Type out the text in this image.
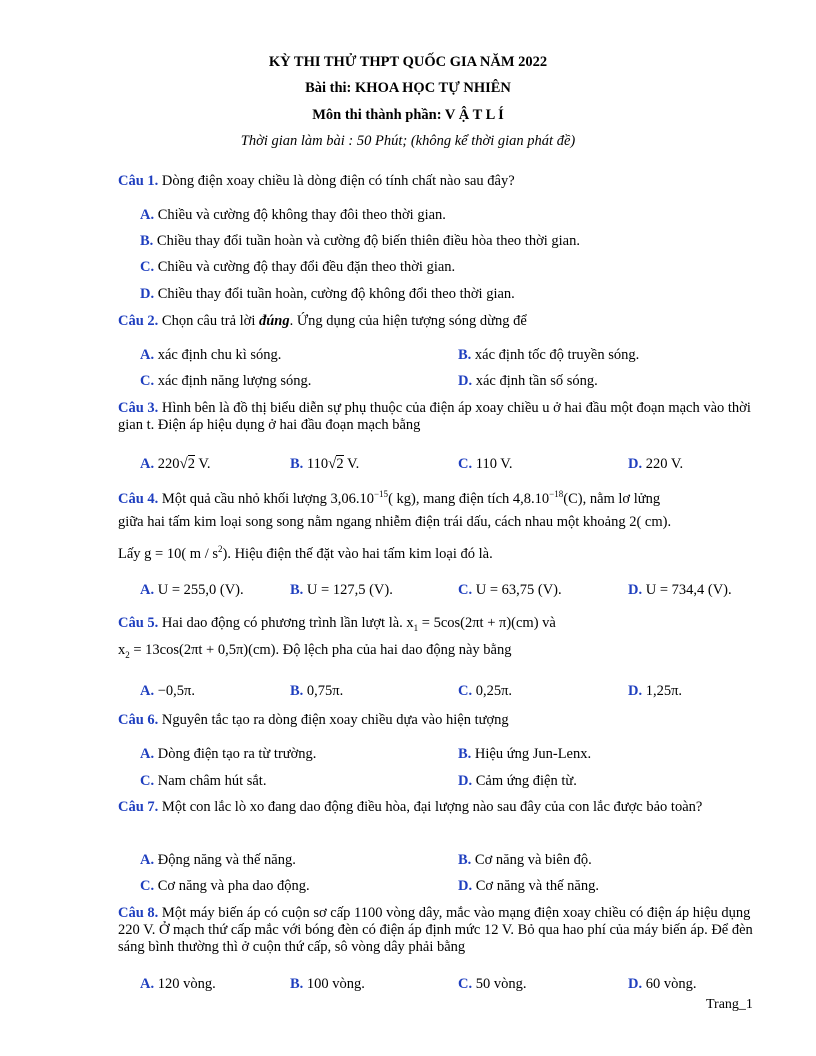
KỲ THI THỬ THPT QUỐC GIA NĂM 2022
Bài thi: KHOA HỌC TỰ NHIÊN
Môn thi thành phần: V Ậ T L Í
Thời gian làm bài : 50 Phút; (không kể thời gian phát đề)
Câu 1. Dòng điện xoay chiều là dòng điện có tính chất nào sau đây?
A. Chiều và cường độ không thay đôi theo thời gian.
B. Chiều thay đổi tuần hoàn và cường độ biến thiên điều hòa theo thời gian.
C. Chiều và cường độ thay đổi đều đặn theo thời gian.
D. Chiều thay đổi tuần hoàn, cường độ không đổi theo thời gian.
Câu 2. Chọn câu trả lời đúng. Ứng dụng của hiện tượng sóng dừng để
A. xác định chu kì sóng.	B. xác định tốc độ truyền sóng.
C. xác định năng lượng sóng.	D. xác định tần số sóng.
Câu 3. Hình bên là đồ thị biểu diễn sự phụ thuộc của điện áp xoay chiều u ở hai đầu một đoạn mạch vào thời gian t. Điện áp hiệu dụng ở hai đầu đoạn mạch bằng
A. 220√2 V.	B. 110√2 V.	C. 110 V.	D. 220 V.
Câu 4. Một quả cầu nhỏ khối lượng $3,06.10^{-15}$( kg), mang điện tích $4,8.10^{-18}(C)$, nằm lơ lửng
giữa hai tấm kim loại song song nằm ngang nhiễm điện trái dấu, cách nhau một khoảng 2( cm).
Lấy g = 10( m / $s^2$). Hiệu điện thế đặt vào hai tấm kim loại đó là.
A. U = 255,0 (V).	B. U = 127,5 (V).	C. U = 63,75 (V).	D. U = 734,4 (V).
Câu 5. Hai dao động có phương trình lần lượt là. $x_1 = 5\cos(2\pi t + \pi)(cm)$ và
$x_2 = 13\cos(2\pi t + 0,5\pi)(cm)$. Độ lệch pha của hai dao động này bằng
A. −0,5π.	B. 0,75π.	C. 0,25π.	D. 1,25π.
Câu 6. Nguyên tắc tạo ra dòng điện xoay chiều dựa vào hiện tượng
A. Dòng điện tạo ra từ trường.	B. Hiệu ứng Jun-Lenx.
C. Nam châm hút sắt.	D. Cảm ứng điện từ.
Câu 7. Một con lắc lò xo đang dao động điều hòa, đại lượng nào sau đây của con lắc được bảo toàn?
A. Động năng và thế năng.	B. Cơ năng và biên độ.
C. Cơ năng và pha dao động.	D. Cơ năng và thế năng.
Câu 8. Một máy biến áp có cuộn sơ cấp 1100 vòng dây, mắc vào mạng điện xoay chiều có điện áp hiệu dụng 220 V. Ở mạch thứ cấp mắc với bóng đèn có điện áp định mức 12 V. Bỏ qua hao phí của máy biến áp. Để đèn sáng bình thường thì ở cuộn thứ cấp, sô vòng dây phải bằng
A. 120 vòng.	B. 100 vòng.	C. 50 vòng.	D. 60 vòng.
Trang_1
